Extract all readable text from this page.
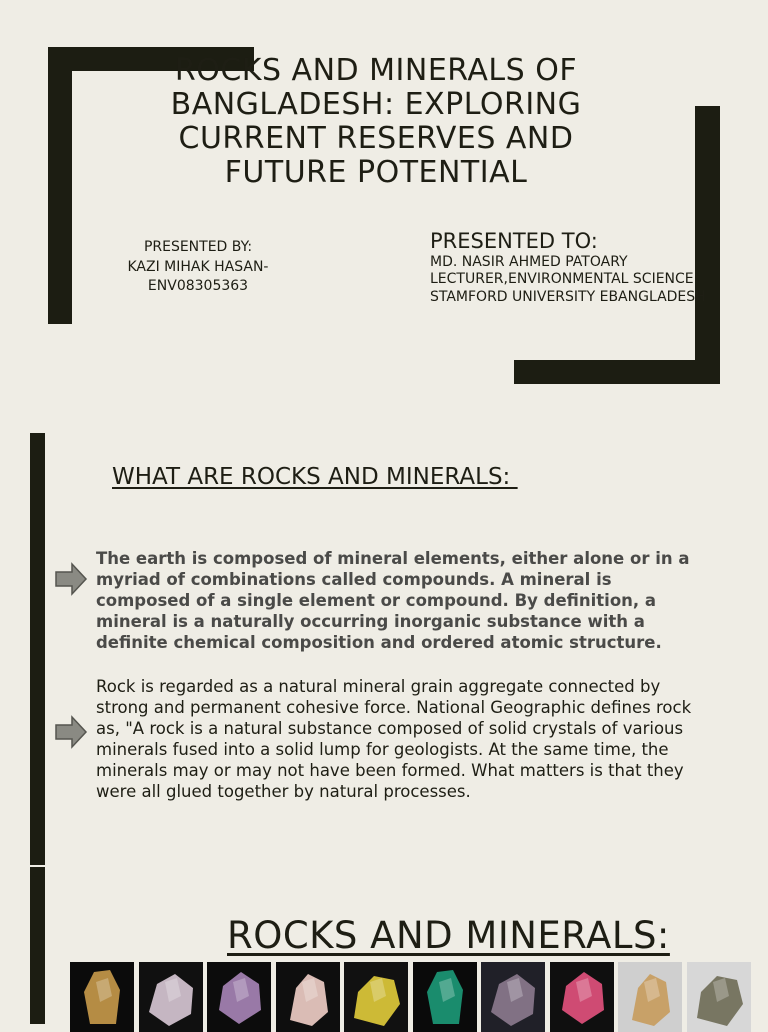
ROCKS AND MINERALS OF BANGLADESH: EXPLORING CURRENT RESERVES AND FUTURE POTENTIAL
PRESENTED BY:
KAZI MIHAK HASAN-
ENV08305363
PRESENTED TO:
MD. NASIR AHMED PATOARY
LECTURER,ENVIRONMENTAL SCIENCE
STAMFORD UNIVERSITY EBANGLADESH
WHAT ARE ROCKS AND MINERALS:

The earth is composed of mineral elements, either alone or in a myriad of combinations called compounds. A mineral is composed of a single element or compound. By definition, a mineral is a naturally occurring inorganic substance with a definite chemical composition and ordered atomic structure.

Rock is regarded as a natural mineral grain aggregate connected by strong and permanent cohesive force. National Geographic defines rock as, "A rock is a natural substance composed of solid crystals of various minerals fused into a solid lump for geologists. At the same time, the minerals may or may not have been formed. What matters is that they were all glued together by natural processes.

ROCKS AND MINERALS:
